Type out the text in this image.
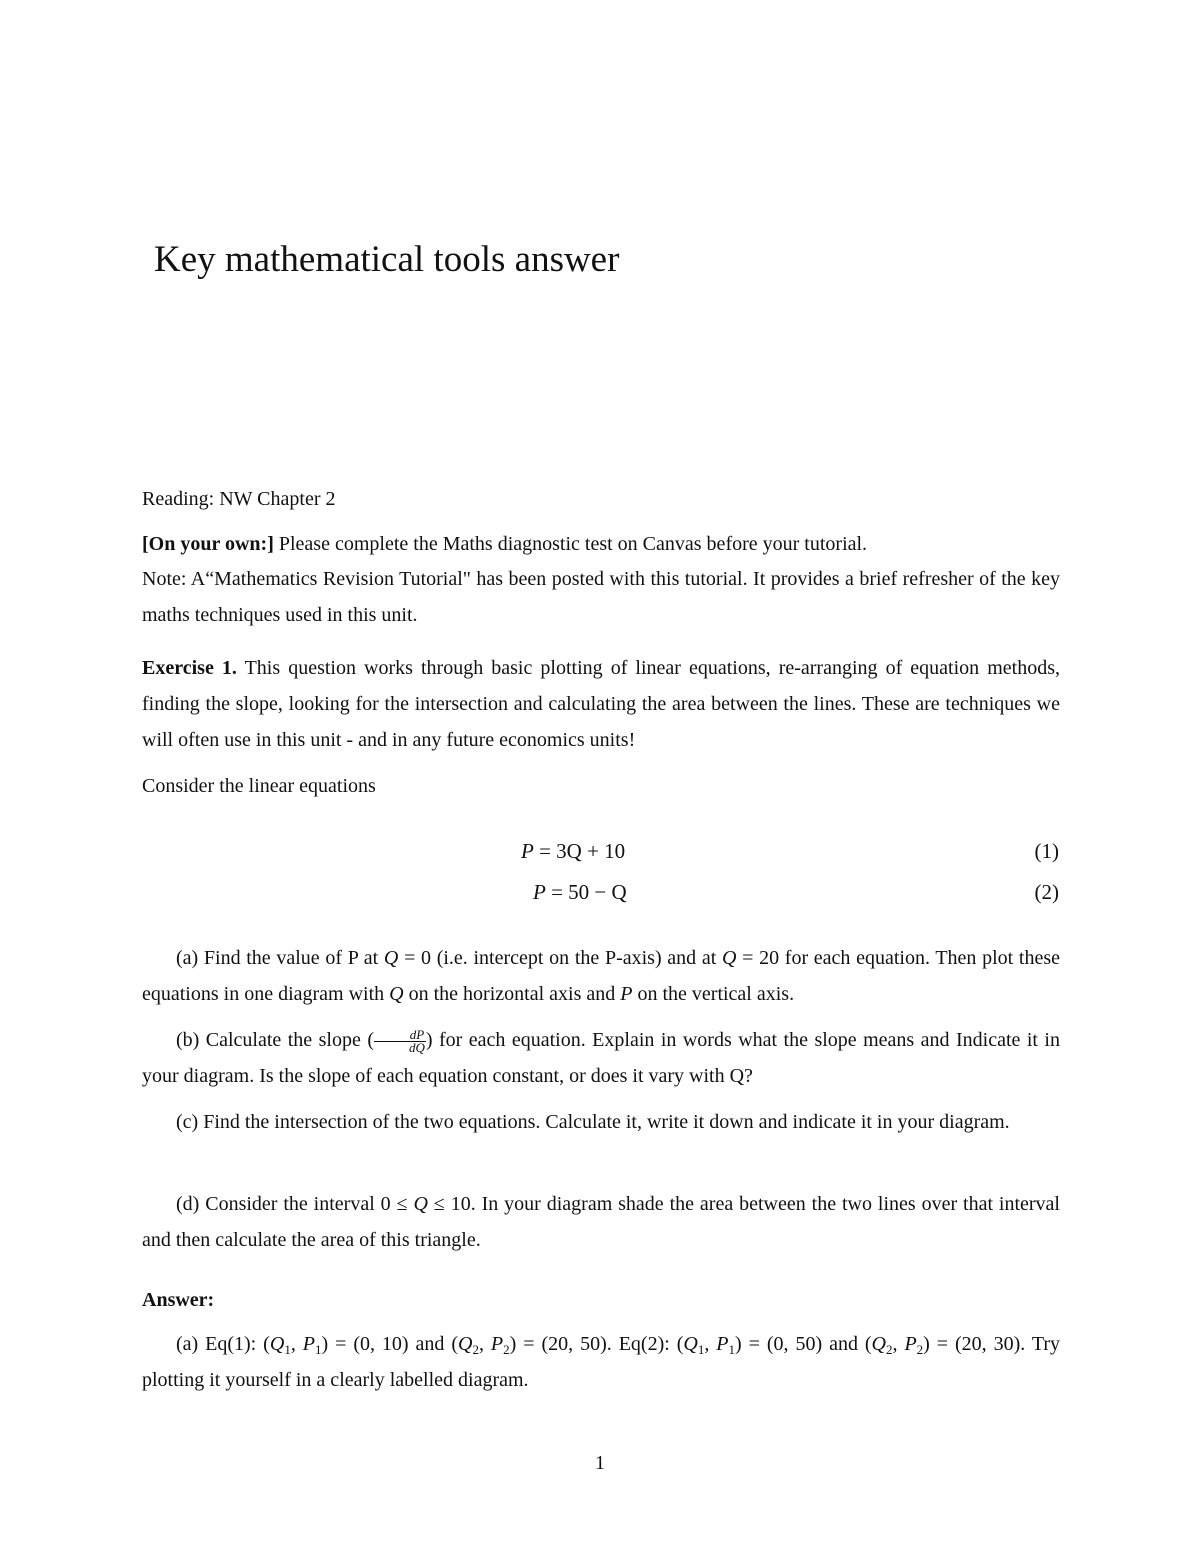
Key mathematical tools answer
Reading: NW Chapter 2
[On your own:] Please complete the Maths diagnostic test on Canvas before your tutorial.
Note: A“Mathematics Revision Tutorial" has been posted with this tutorial. It provides a brief refresher of the key maths techniques used in this unit.
Exercise 1. This question works through basic plotting of linear equations, re-arranging of equation methods, finding the slope, looking for the intersection and calculating the area between the lines. These are techniques we will often use in this unit - and in any future economics units!
Consider the linear equations
P = 3Q + 10	(1)
P = 50 − Q	(2)
(a) Find the value of P at Q = 0 (i.e. intercept on the P-axis) and at Q = 20 for each equation. Then plot these equations in one diagram with Q on the horizontal axis and P on the vertical axis.
(b) Calculate the slope ( $\frac{dP}{dQ}$ ) for each equation. Explain in words what the slope means and Indicate it in your diagram. Is the slope of each equation constant, or does it vary with Q?
(c) Find the intersection of the two equations. Calculate it, write it down and indicate it in your diagram.
(d) Consider the interval 0 ≤ Q ≤ 10. In your diagram shade the area between the two lines over that interval and then calculate the area of this triangle.
Answer:
(a) Eq(1): ($Q_1$, $P_1) = (0$, 10) and ($Q_2$, $P_2) = (20$, 50). Eq(2): ($Q_1$, $P_1) = (0$, 50) and ($Q_2$, $P_2) = (20$, 30). Try plotting it yourself in a clearly labelled diagram.
1
